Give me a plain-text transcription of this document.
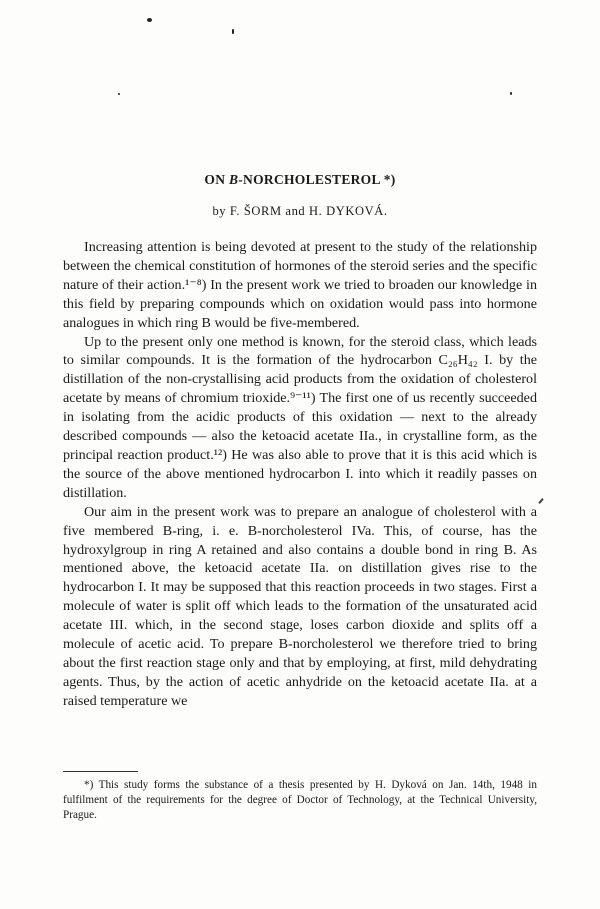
ON B-NORCHOLESTEROL *)
by F. ŠORM and H. DYKOVÁ.

Increasing attention is being devoted at present to the study of the relationship between the chemical constitution of hormones of the steroid series and the specific nature of their action.¹⁻⁸) In the present work we tried to broaden our knowledge in this field by preparing compounds which on oxidation would pass into hormone analogues in which ring B would be five-membered.

Up to the present only one method is known, for the steroid class, which leads to similar compounds. It is the formation of the hydrocarbon C₂₆H₄₂ I. by the distillation of the non-crystallising acid products from the oxidation of cholesterol acetate by means of chromium trioxide.⁹⁻¹¹) The first one of us recently succeeded in isolating from the acidic products of this oxidation — next to the already described compounds — also the ketoacid acetate IIa., in crystalline form, as the principal reaction product.¹²) He was also able to prove that it is this acid which is the source of the above mentioned hydrocarbon I. into which it readily passes on distillation.

Our aim in the present work was to prepare an analogue of cholesterol with a five membered B-ring, i. e. B-norcholesterol IVa. This, of course, has the hydroxylgroup in ring A retained and also contains a double bond in ring B. As mentioned above, the ketoacid acetate IIa. on distillation gives rise to the hydrocarbon I. It may be supposed that this reaction proceeds in two stages. First a molecule of water is split off which leads to the formation of the unsaturated acid acetate III. which, in the second stage, loses carbon dioxide and splits off a molecule of acetic acid. To prepare B-norcholesterol we therefore tried to bring about the first reaction stage only and that by employing, at first, mild dehydrating agents. Thus, by the action of acetic anhydride on the ketoacid acetate IIa. at a raised temperature we

*) This study forms the substance of a thesis presented by H. Dyková on Jan. 14th, 1948 in fulfilment of the requirements for the degree of Doctor of Technology, at the Technical University, Prague.
